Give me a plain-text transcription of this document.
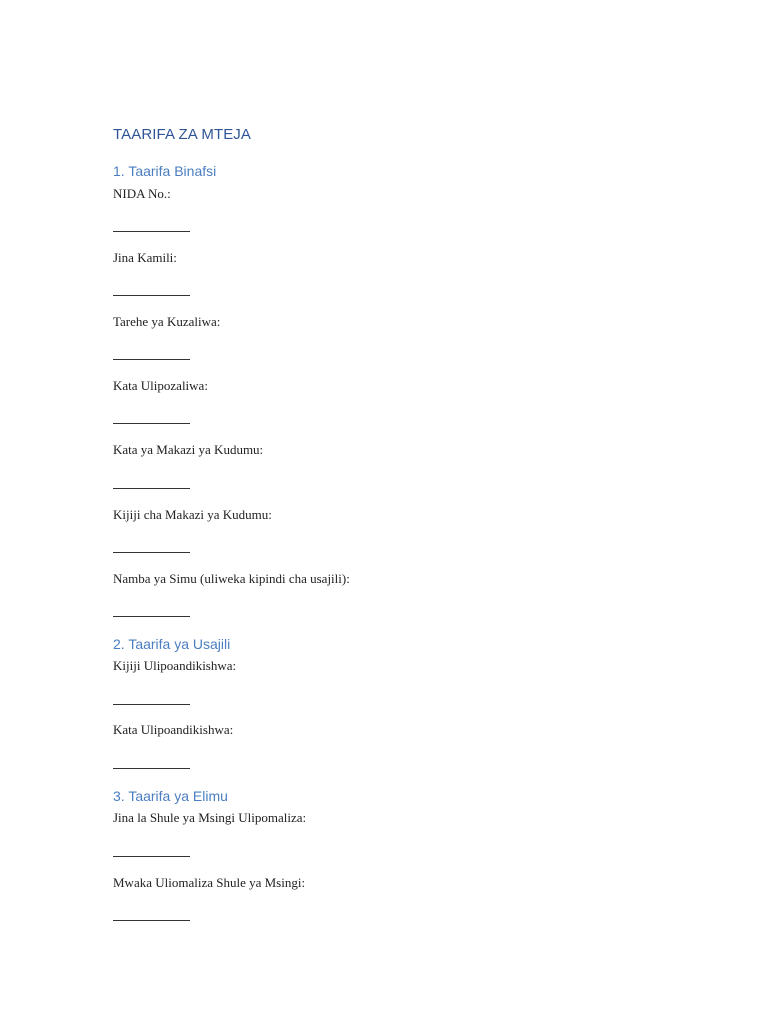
TAARIFA ZA MTEJA
1. Taarifa Binafsi

NIDA No.:

Jina Kamili:

Tarehe ya Kuzaliwa:

Kata Ulipozaliwa:

Kata ya Makazi ya Kudumu:

Kijiji cha Makazi ya Kudumu:

Namba ya Simu (uliweka kipindi cha usajili):

2. Taarifa ya Usajili

Kijiji Ulipoandikishwa:

Kata Ulipoandikishwa:

3. Taarifa ya Elimu

Jina la Shule ya Msingi Ulipomaliza:

Mwaka Uliomaliza Shule ya Msingi:
